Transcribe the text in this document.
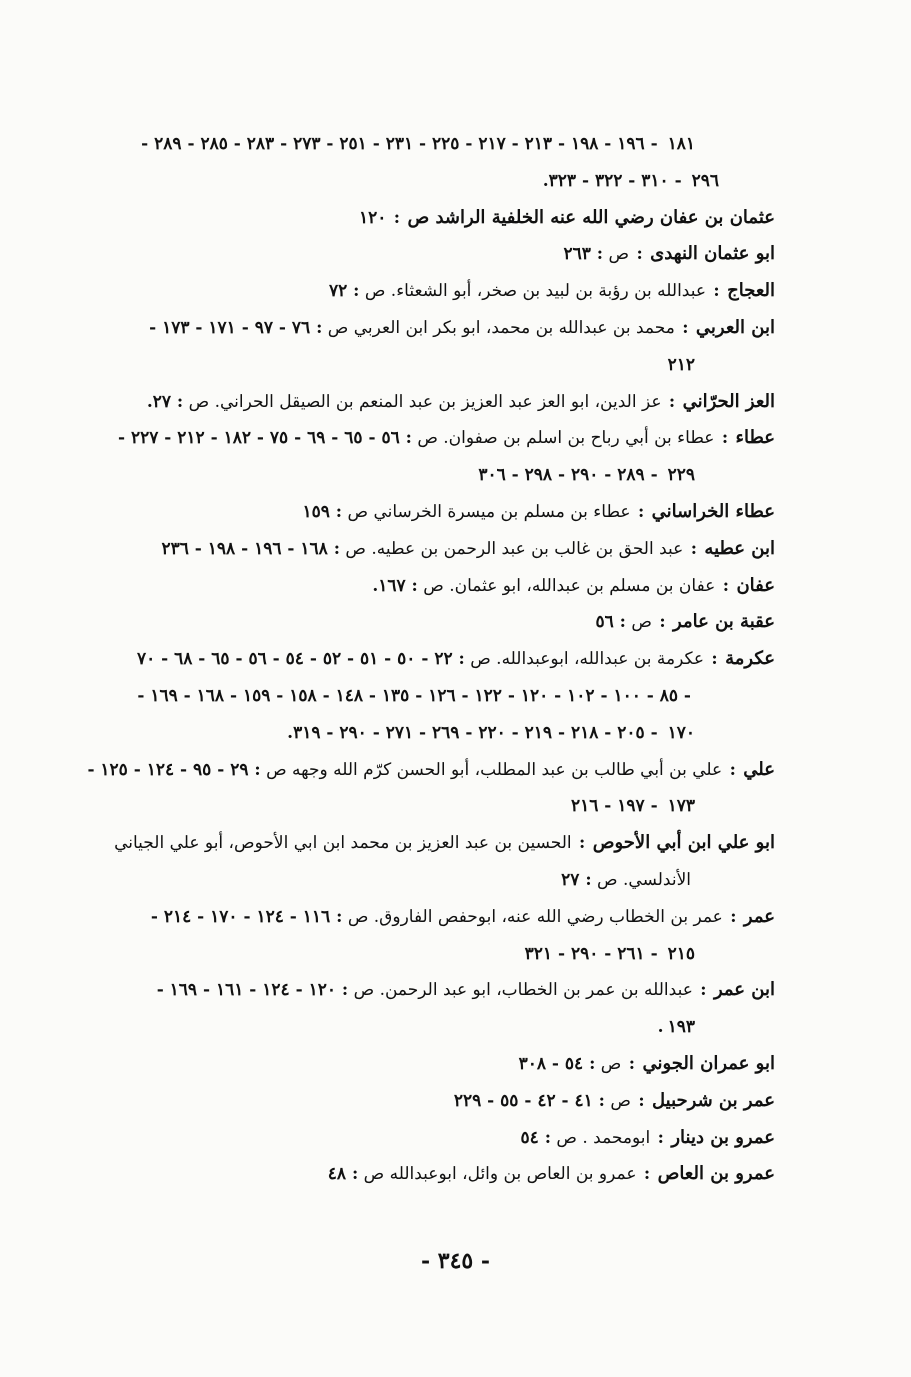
١٨١ - ١٩٦ - ١٩٨ - ٢١٣ - ٢١٧ - ٢٢٥ - ٢٣١ - ٢٥١ - ٢٧٣ - ٢٨٣ - ٢٨٥ - ٢٨٩ -
٢٩٦ - ٣١٠ - ٣٢٢ - ٣٢٣.
عثمان بن عفان رضي الله عنه الخلفية الراشد ص : ١٢٠
ابو عثمان النهدى : ص : ٢٦٣
العجاج : عبدالله بن رؤبة بن لبيد بن صخر، أبو الشعثاء. ص : ٧٢
ابن العربي : محمد بن عبدالله بن محمد، ابو بكر ابن العربي ص : ٧٦ - ٩٧ - ١٧١ - ١٧٣ -
٢١٢
العز الحرّاني : عز الدين، ابو العز عبد العزيز بن عبد المنعم بن الصيقل الحراني. ص : ٢٧.
عطاء : عطاء بن أبي رباح بن اسلم بن صفوان. ص : ٥٦ - ٦٥ - ٦٩ - ٧٥ - ١٨٢ - ٢١٢ - ٢٢٧ -
٢٢٩ - ٢٨٩ - ٢٩٠ - ٢٩٨ - ٣٠٦
عطاء الخراساني : عطاء بن مسلم بن ميسرة الخرساني ص : ١٥٩
ابن عطيه : عبد الحق بن غالب بن عبد الرحمن بن عطيه. ص : ١٦٨ - ١٩٦ - ١٩٨ - ٢٣٦
عفان : عفان بن مسلم بن عبدالله، ابو عثمان. ص : ١٦٧.
عقبة بن عامر : ص : ٥٦
عكرمة : عكرمة بن عبدالله، ابوعبدالله. ص : ٢٢ - ٥٠ - ٥١ - ٥٢ - ٥٤ - ٥٦ - ٦٥ - ٦٨ - ٧٠
- ٨٥ - ١٠٠ - ١٠٢ - ١٢٠ - ١٢٢ - ١٢٦ - ١٣٥ - ١٤٨ - ١٥٨ - ١٥٩ - ١٦٨ - ١٦٩ -
١٧٠ - ٢٠٥ - ٢١٨ - ٢١٩ - ٢٢٠ - ٢٦٩ - ٢٧١ - ٢٩٠ - ٣١٩.
علي : علي بن أبي طالب بن عبد المطلب، أبو الحسن كرّم الله وجهه ص : ٢٩ - ٩٥ - ١٢٤ - ١٢٥ -
١٧٣ - ١٩٧ - ٢١٦
ابو علي ابن أبي الأحوص : الحسين بن عبد العزيز بن محمد ابن ابي الأحوص، أبو علي الجياني
الأندلسي. ص : ٢٧
عمر : عمر بن الخطاب رضي الله عنه، ابوحفص الفاروق. ص : ١١٦ - ١٢٤ - ١٧٠ - ٢١٤ -
٢١٥ - ٢٦١ - ٢٩٠ - ٣٢١
ابن عمر : عبدالله بن عمر بن الخطاب، ابو عبد الرحمن. ص : ١٢٠ - ١٢٤ - ١٦١ - ١٦٩ -
١٩٣.
ابو عمران الجوني : ص : ٥٤ - ٣٠٨
عمر بن شرحبيل : ص : ٤١ - ٤٢ - ٥٥ - ٢٢٩
عمرو بن دينار : ابومحمد . ص : ٥٤
عمرو بن العاص : عمرو بن العاص بن وائل، ابوعبدالله ص : ٤٨
- ٣٤٥ -
